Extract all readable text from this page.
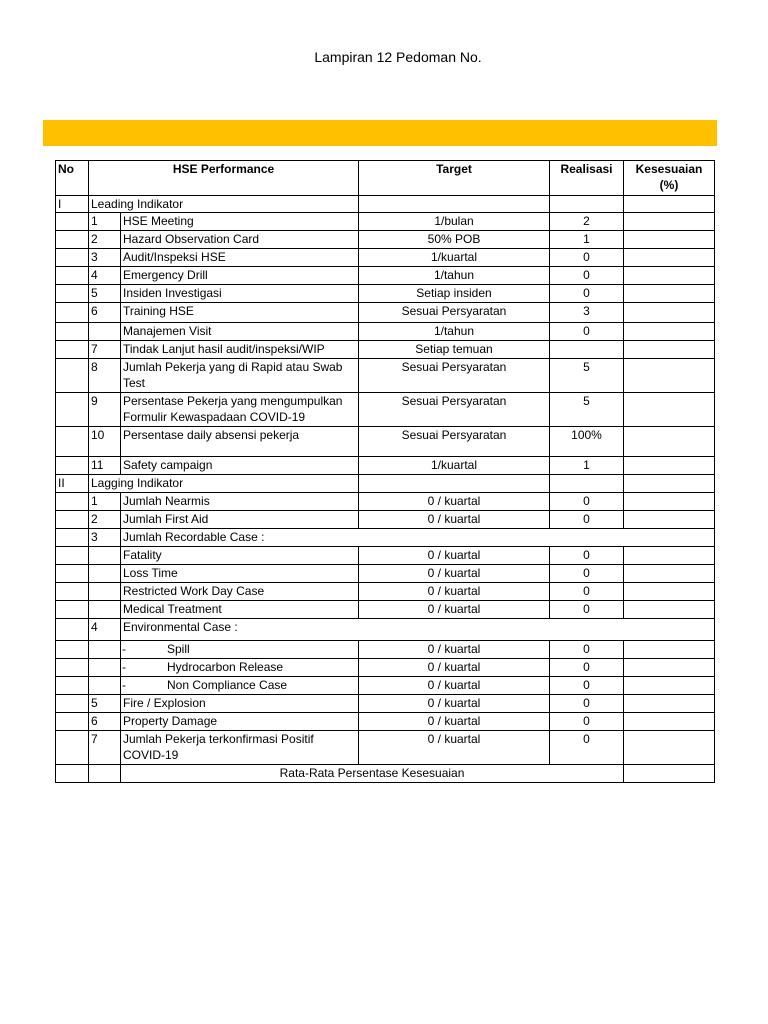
Lampiran 12 Pedoman No.
No	HSE Performance		Target	Realisasi	Kesesuaian (%)
I	Leading Indikator				
	1	HSE Meeting	1/bulan	2	
	2	Hazard Observation Card	50% POB	1	
	3	Audit/Inspeksi HSE	1/kuartal	0	
	4	Emergency Drill	1/tahun	0	
	5	Insiden Investigasi	Setiap insiden	0	
	6	Training HSE	Sesuai Persyaratan	3	
		Manajemen Visit	1/tahun	0	
	7	Tindak Lanjut hasil audit/inspeksi/WIP	Setiap temuan		
	8	Jumlah Pekerja yang di Rapid atau Swab Test	Sesuai Persyaratan	5	
	9	Persentase Pekerja yang mengumpulkan Formulir Kewaspadaan COVID-19	Sesuai Persyaratan	5	
	10	Persentase daily absensi pekerja	Sesuai Persyaratan	100%	
	11	Safety campaign	1/kuartal	1	
II	Lagging Indikator				
	1	Jumlah Nearmis	0 / kuartal	0	
	2	Jumlah First Aid	0 / kuartal	0	
	3	Jumlah Recordable Case :			
		Fatality	0 / kuartal	0	
		Loss Time	0 / kuartal	0	
		Restricted Work Day Case	0 / kuartal	0	
		Medical Treatment	0 / kuartal	0	
	4	Environmental Case :			

		- Spill	0 / kuartal	0	

		- Hydrocarbon Release	0 / kuartal	0	

		- Non Compliance Case	0 / kuartal	0	
	5	Fire / Explosion	0 / kuartal	0	
	6	Property Damage	0 / kuartal	0	
	7	Jumlah Pekerja terkonfirmasi Positif COVID-19	0 / kuartal	0	
		Rata-Rata Persentase Kesesuaian			
